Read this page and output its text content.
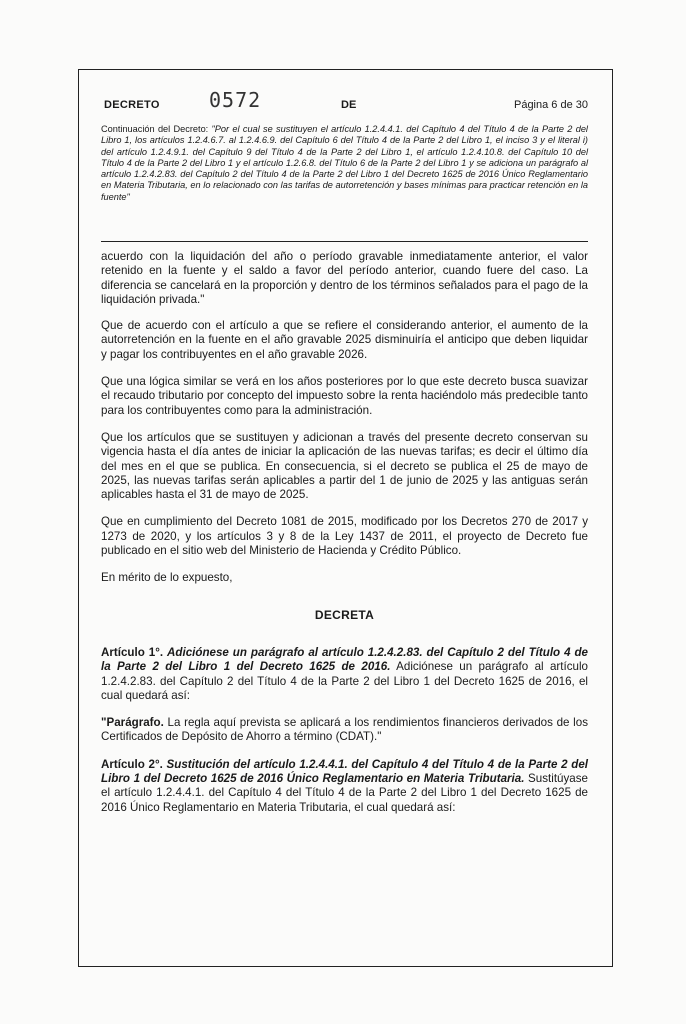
DECRETO 0572	DE	Página 6 de 30
Continuación del Decreto: "Por el cual se sustituyen el artículo 1.2.4.4.1. del Capítulo 4 del Título 4 de la Parte 2 del Libro 1, los artículos 1.2.4.6.7. al 1.2.4.6.9. del Capítulo 6 del Título 4 de la Parte 2 del Libro 1, el inciso 3 y el literal i) del artículo 1.2.4.9.1. del Capítulo 9 del Título 4 de la Parte 2 del Libro 1, el artículo 1.2.4.10.8. del Capítulo 10 del Título 4 de la Parte 2 del Libro 1 y el artículo 1.2.6.8. del Título 6 de la Parte 2 del Libro 1 y se adiciona un parágrafo al artículo 1.2.4.2.83. del Capítulo 2 del Título 4 de la Parte 2 del Libro 1 del Decreto 1625 de 2016 Único Reglamentario en Materia Tributaria, en lo relacionado con las tarifas de autorretención y bases mínimas para practicar retención en la fuente"

acuerdo con la liquidación del año o período gravable inmediatamente anterior, el valor retenido en la fuente y el saldo a favor del período anterior, cuando fuere del caso. La diferencia se cancelará en la proporción y dentro de los términos señalados para el pago de la liquidación privada."

Que de acuerdo con el artículo a que se refiere el considerando anterior, el aumento de la autorretención en la fuente en el año gravable 2025 disminuiría el anticipo que deben liquidar y pagar los contribuyentes en el año gravable 2026.

Que una lógica similar se verá en los años posteriores por lo que este decreto busca suavizar el recaudo tributario por concepto del impuesto sobre la renta haciéndolo más predecible tanto para los contribuyentes como para la administración.

Que los artículos que se sustituyen y adicionan a través del presente decreto conservan su vigencia hasta el día antes de iniciar la aplicación de las nuevas tarifas; es decir el último día del mes en el que se publica. En consecuencia, si el decreto se publica el 25 de mayo de 2025, las nuevas tarifas serán aplicables a partir del 1 de junio de 2025 y las antiguas serán aplicables hasta el 31 de mayo de 2025.

Que en cumplimiento del Decreto 1081 de 2015, modificado por los Decretos 270 de 2017 y 1273 de 2020, y los artículos 3 y 8 de la Ley 1437 de 2011, el proyecto de Decreto fue publicado en el sitio web del Ministerio de Hacienda y Crédito Público.

En mérito de lo expuesto,

DECRETA

Artículo 1°. Adiciónese un parágrafo al artículo 1.2.4.2.83. del Capítulo 2 del Título 4 de la Parte 2 del Libro 1 del Decreto 1625 de 2016. Adiciónese un parágrafo al artículo 1.2.4.2.83. del Capítulo 2 del Título 4 de la Parte 2 del Libro 1 del Decreto 1625 de 2016, el cual quedará así:

"Parágrafo. La regla aquí prevista se aplicará a los rendimientos financieros derivados de los Certificados de Depósito de Ahorro a término (CDAT)."

Artículo 2°. Sustitución del artículo 1.2.4.4.1. del Capítulo 4 del Título 4 de la Parte 2 del Libro 1 del Decreto 1625 de 2016 Único Reglamentario en Materia Tributaria. Sustitúyase el artículo 1.2.4.4.1. del Capítulo 4 del Título 4 de la Parte 2 del Libro 1 del Decreto 1625 de 2016 Único Reglamentario en Materia Tributaria, el cual quedará así:
